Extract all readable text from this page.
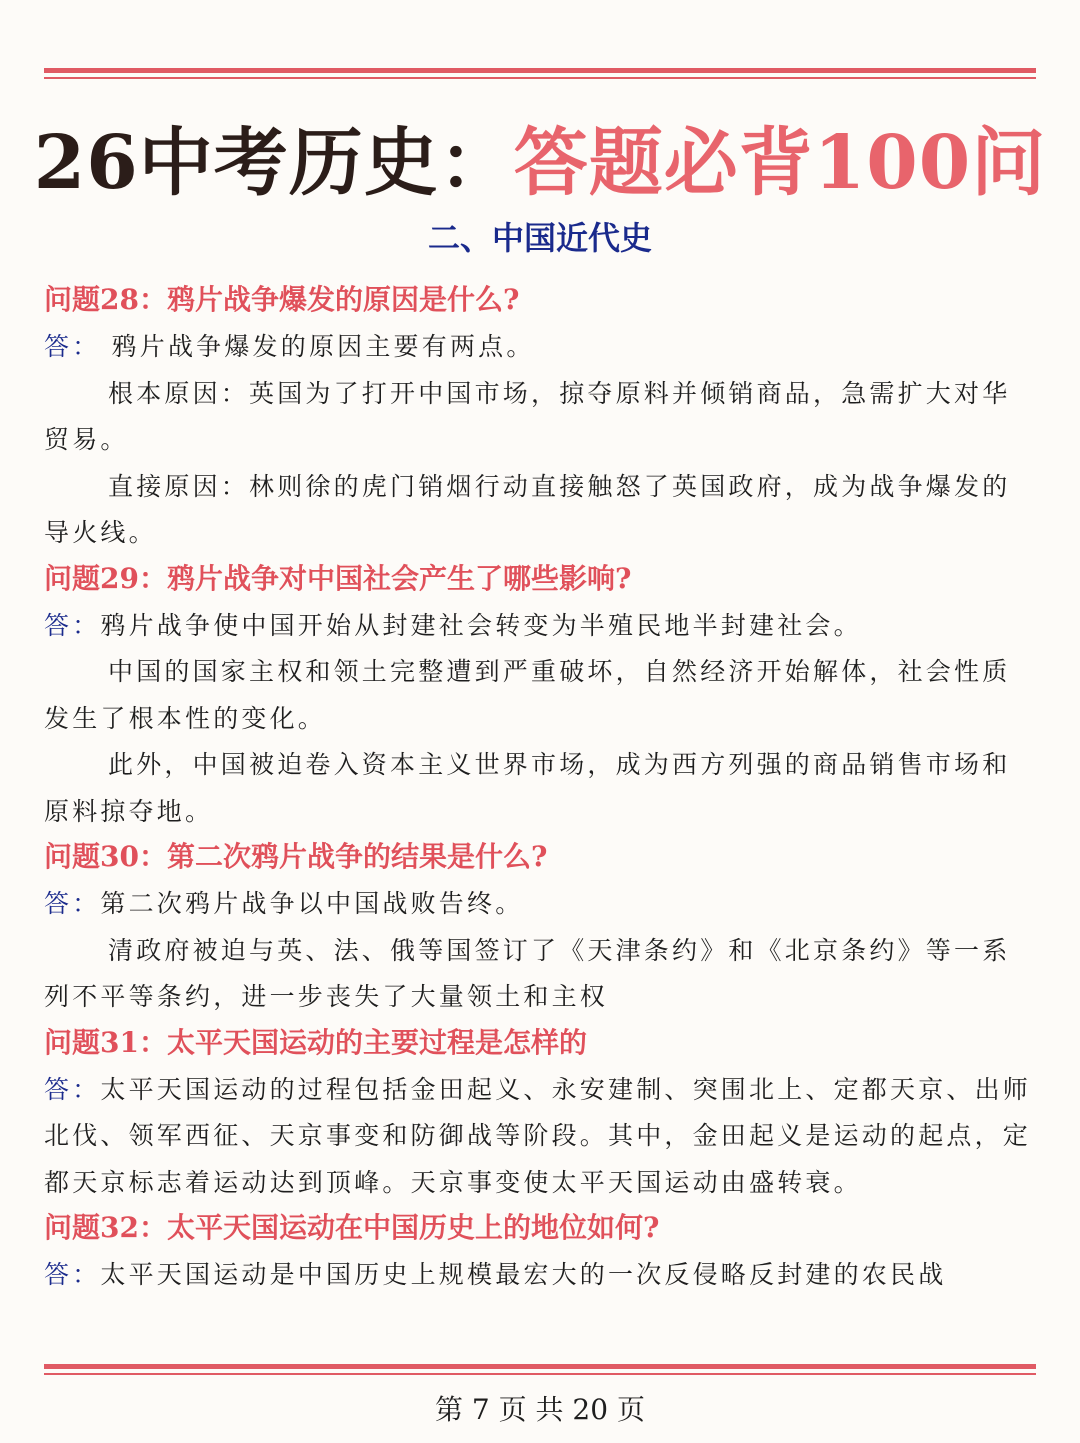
26中考历史：答题必背100问
二、中国近代史
问题28：鸦片战争爆发的原因是什么?
答： 鸦片战争爆发的原因主要有两点。
根本原因：英国为了打开中国市场，掠夺原料并倾销商品，急需扩大对华贸易。
直接原因：林则徐的虎门销烟行动直接触怒了英国政府，成为战争爆发的导火线。
问题29：鸦片战争对中国社会产生了哪些影响?
答：鸦片战争使中国开始从封建社会转变为半殖民地半封建社会。
中国的国家主权和领土完整遭到严重破坏，自然经济开始解体，社会性质发生了根本性的变化。
此外，中国被迫卷入资本主义世界市场，成为西方列强的商品销售市场和原料掠夺地。
问题30：第二次鸦片战争的结果是什么?
答：第二次鸦片战争以中国战败告终。
清政府被迫与英、法、俄等国签订了《天津条约》和《北京条约》等一系列不平等条约，进一步丧失了大量领土和主权
问题31：太平天国运动的主要过程是怎样的
答：太平天国运动的过程包括金田起义、永安建制、突围北上、定都天京、出师北伐、领军西征、天京事变和防御战等阶段。其中，金田起义是运动的起点，定都天京标志着运动达到顶峰。天京事变使太平天国运动由盛转衰。
问题32：太平天国运动在中国历史上的地位如何?
答：太平天国运动是中国历史上规模最宏大的一次反侵略反封建的农民战
第 7 页 共 20 页
